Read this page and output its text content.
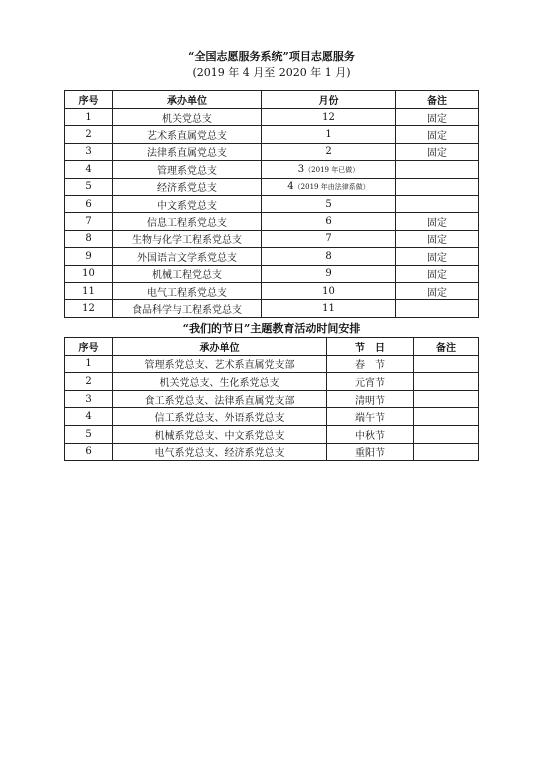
“全国志愿服务系统”项目志愿服务
(2019 年 4 月至 2020 年 1 月)
序号	承办单位	月份	备注
1	机关党总支	12	固定
2	艺术系直属党总支	1	固定
3	法律系直属党总支	2	固定
4	管理系党总支	3（2019 年已做）	
5	经济系党总支	4（2019 年由法律系做）	
6	中文系党总支	5	
7	信息工程系党总支	6	固定
8	生物与化学工程系党总支	7	固定
9	外国语言文学系党总支	8	固定
10	机械工程党总支	9	固定
11	电气工程系党总支	10	固定
12	食品科学与工程系党总支	11	
“我们的节日”主题教育活动时间安排
序号	承办单位	节　日	备注
1	管理系党总支、艺术系直属党支部	春　节	
2	机关党总支、生化系党总支	元宵节	
3	食工系党总支、法律系直属党支部	清明节	
4	信工系党总支、外语系党总支	端午节	
5	机械系党总支、中文系党总支	中秋节	
6	电气系党总支、经济系党总支	重阳节	
